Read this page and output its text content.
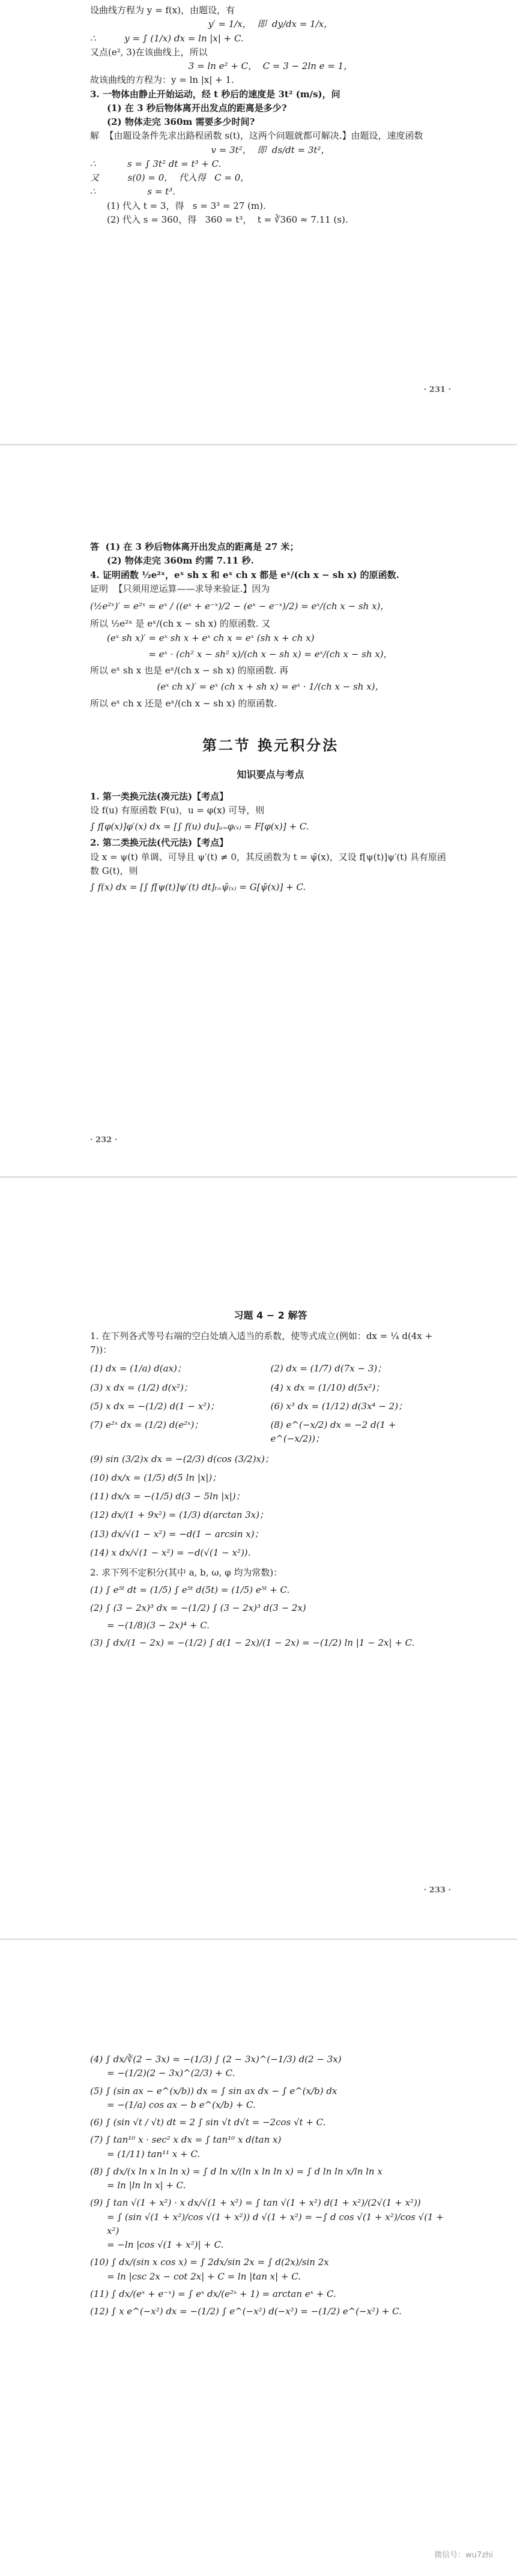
设曲线方程为 y = f(x)，由题设，有

y′ = 1/x，  即  dy/dx = 1/x，

∴          y = ∫ (1/x) dx = ln |x| + C.

又点(e², 3)在该曲线上，所以

3 = ln e² + C，  C = 3 − 2ln e = 1，

故该曲线的方程为：y = ln |x| + 1.

3. 一物体由静止开始运动，经 t 秒后的速度是 3t² (m/s)，问

(1) 在 3 秒后物体离开出发点的距离是多少?

(2) 物体走完 360m 需要多少时间?

解  【由题设条件先求出路程函数 s(t)，这两个问题就都可解决.】由题设，速度函数

v = 3t²，  即  ds/dt = 3t²，

∴           s = ∫ 3t² dt = t³ + C.

又          s(0) = 0，  代入得   C = 0，

∴                  s = t³.

(1) 代入 t = 3，得   s = 3³ = 27 (m).

(2) 代入 s = 360，得   360 = t³，  t = ∛360 ≈ 7.11 (s).

· 231 ·

答  (1) 在 3 秒后物体离开出发点的距离是 27 米；

(2) 物体走完 360m 约需 7.11 秒.

4. 证明函数 ½e²ˣ，eˣ sh x 和 eˣ ch x 都是 eˣ/(ch x − sh x) 的原函数.

证明  【只须用逆运算——求导来验证.】因为

(½e²ˣ)′ = e²ˣ = eˣ / ((eˣ + e⁻ˣ)/2 − (eˣ − e⁻ˣ)/2) = eˣ/(ch x − sh x)，

所以 ½e²ˣ 是 eˣ/(ch x − sh x) 的原函数. 又

(eˣ sh x)′ = eˣ sh x + eˣ ch x = eˣ (sh x + ch x)

= eˣ · (ch² x − sh² x)/(ch x − sh x) = eˣ/(ch x − sh x)，

所以 eˣ sh x 也是 eˣ/(ch x − sh x) 的原函数. 再

(eˣ ch x)′ = eˣ (ch x + sh x) = eˣ · 1/(ch x − sh x)，

所以 eˣ ch x 还是 eˣ/(ch x − sh x) 的原函数.

第二节 换元积分法
知识要点与考点

1. 第一类换元法(凑元法)【考点】

设 f(u) 有原函数 F(u)，u = φ(x) 可导，则

∫ f[φ(x)]φ′(x) dx = [∫ f(u) du]ᵤ₌φ₍ₓ₎ = F[φ(x)] + C.

2. 第二类换元法(代元法)【考点】

设 x = ψ(t) 单调、可导且 ψ′(t) ≠ 0，其反函数为 t = ψ̄(x)，又设 f[ψ(t)]ψ′(t) 具有原函数 G(t)，则

∫ f(x) dx = [∫ f[ψ(t)]ψ′(t) dt]ₜ₌ψ̄₍ₓ₎ = G[ψ̄(x)] + C.

· 232 ·
习题 4 − 2 解答

1. 在下列各式等号右端的空白处填入适当的系数，使等式成立(例如：dx = ¼ d(4x + 7))：

(1) dx = (1/a) d(ax)；	(2) dx = (1/7) d(7x − 3)；
(3) x dx = (1/2) d(x²)；	(4) x dx = (1/10) d(5x²)；
(5) x dx = −(1/2) d(1 − x²)；	(6) x³ dx = (1/12) d(3x⁴ − 2)；
(7) e²ˣ dx = (1/2) d(e²ˣ)；	(8) e^(−x/2) dx = −2 d(1 + e^(−x/2))；

(9) sin (3/2)x dx = −(2/3) d(cos (3/2)x)；

(10) dx/x = (1/5) d(5 ln |x|)；

(11) dx/x = −(1/5) d(3 − 5ln |x|)；

(12) dx/(1 + 9x²) = (1/3) d(arctan 3x)；

(13) dx/√(1 − x²) = −d(1 − arcsin x)；

(14) x dx/√(1 − x²) = −d(√(1 − x²)).

2. 求下列不定积分(其中 a, b, ω, φ 均为常数)：

(1) ∫ e⁵ᵗ dt = (1/5) ∫ e⁵ᵗ d(5t) = (1/5) e⁵ᵗ + C.

(2) ∫ (3 − 2x)³ dx = −(1/2) ∫ (3 − 2x)³ d(3 − 2x)

= −(1/8)(3 − 2x)⁴ + C.

(3) ∫ dx/(1 − 2x) = −(1/2) ∫ d(1 − 2x)/(1 − 2x) = −(1/2) ln |1 − 2x| + C.

· 233 ·

(4) ∫ dx/∛(2 − 3x) = −(1/3) ∫ (2 − 3x)^(−1/3) d(2 − 3x)

= −(1/2)(2 − 3x)^(2/3) + C.

(5) ∫ (sin ax − e^(x/b)) dx = ∫ sin ax dx − ∫ e^(x/b) dx

= −(1/a) cos ax − b e^(x/b) + C.

(6) ∫ (sin √t / √t) dt = 2 ∫ sin √t d√t = −2cos √t + C.

(7) ∫ tan¹⁰ x · sec² x dx = ∫ tan¹⁰ x d(tan x)

= (1/11) tan¹¹ x + C.

(8) ∫ dx/(x ln x ln ln x) = ∫ d ln x/(ln x ln ln x) = ∫ d ln ln x/ln ln x

= ln |ln ln x| + C.

(9) ∫ tan √(1 + x²) · x dx/√(1 + x²) = ∫ tan √(1 + x²) d(1 + x²)/(2√(1 + x²))

= ∫ (sin √(1 + x²)/cos √(1 + x²)) d √(1 + x²) = −∫ d cos √(1 + x²)/cos √(1 + x²)

= −ln |cos √(1 + x²)| + C.

(10) ∫ dx/(sin x cos x) = ∫ 2dx/sin 2x = ∫ d(2x)/sin 2x

= ln |csc 2x − cot 2x| + C = ln |tan x| + C.

(11) ∫ dx/(eˣ + e⁻ˣ) = ∫ eˣ dx/(e²ˣ + 1) = arctan eˣ + C.

(12) ∫ x e^(−x²) dx = −(1/2) ∫ e^(−x²) d(−x²) = −(1/2) e^(−x²) + C.

微信号：wu7zhi
